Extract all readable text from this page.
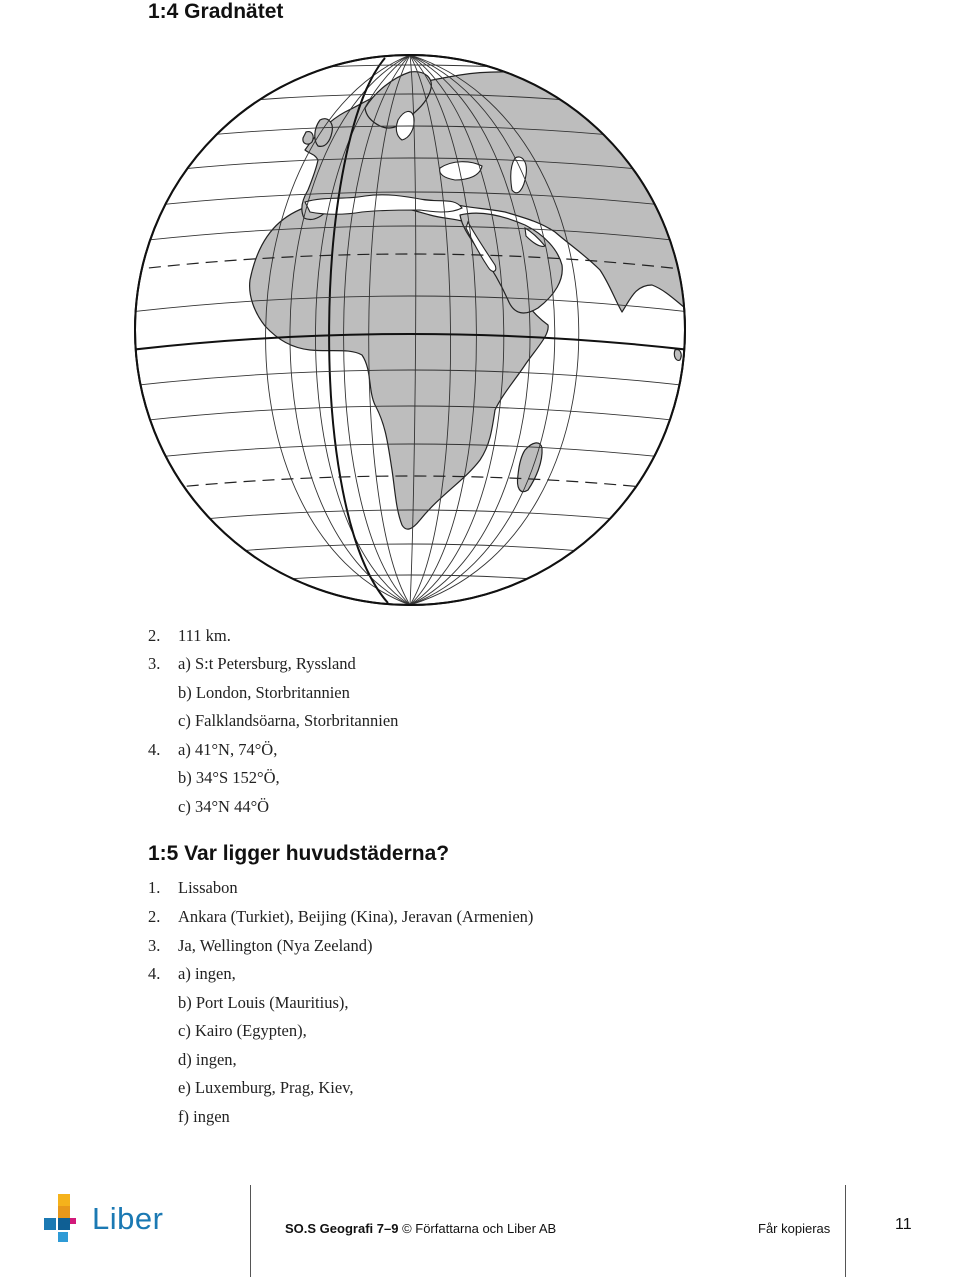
1:4 Gradnätet
2. 111 km.
3. a) S:t Petersburg, Ryssland
b) London, Storbritannien
c) Falklandsöarna, Storbritannien
4. a) 41°N, 74°Ö,
b) 34°S 152°Ö,
c) 34°N 44°Ö
1:5 Var ligger huvudstäderna?
1. Lissabon
2. Ankara (Turkiet), Beijing (Kina), Jeravan (Armenien)
3. Ja, Wellington (Nya Zeeland)
4. a) ingen,
b) Port Louis (Mauritius),
c) Kairo (Egypten),
d) ingen,
e) Luxemburg, Prag, Kiev,
f) ingen
Liber	SO.S Geografi 7–9 © Författarna och Liber AB	Får kopieras	11
